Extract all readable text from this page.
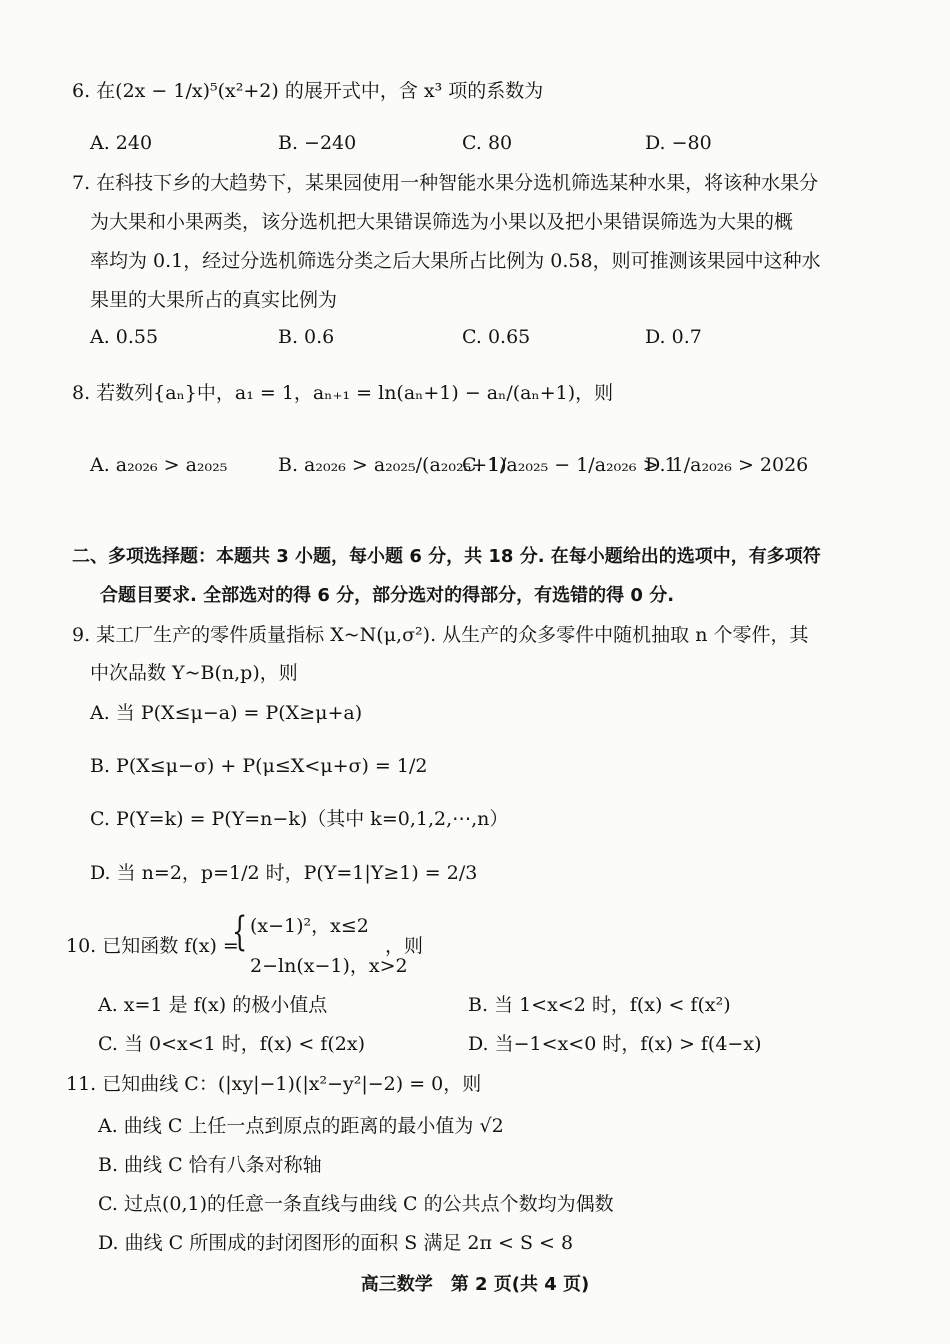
6. 在(2x − 1/x)⁵(x²+2) 的展开式中，含 x³ 项的系数为
A. 240	B. −240	C. 80	D. −80
7. 在科技下乡的大趋势下，某果园使用一种智能水果分选机筛选某种水果，将该种水果分
为大果和小果两类，该分选机把大果错误筛选为小果以及把小果错误筛选为大果的概
率均为 0.1，经过分选机筛选分类之后大果所占比例为 0.58，则可推测该果园中这种水
果里的大果所占的真实比例为
A. 0.55	B. 0.6	C. 0.65	D. 0.7
8. 若数列{aₙ}中，a₁ = 1，aₙ₊₁ = ln(aₙ+1) − aₙ/(aₙ+1)，则
A. a₂₀₂₆ > a₂₀₂₅	B. a₂₀₂₆ > a₂₀₂₅/(a₂₀₂₅+1)
C. 1/a₂₀₂₅ − 1/a₂₀₂₆ > 1
D. 1/a₂₀₂₆ > 2026
二、多项选择题：本题共 3 小题，每小题 6 分，共 18 分. 在每小题给出的选项中，有多项符
合题目要求. 全部选对的得 6 分，部分选对的得部分，有选错的得 0 分.
9. 某工厂生产的零件质量指标 X~N(μ,σ²). 从生产的众多零件中随机抽取 n 个零件，其
中次品数 Y~B(n,p)，则
A. 当 P(X≤μ−a) = P(X≥μ+a)
B. P(X≤μ−σ) + P(μ≤X<μ+σ) = 1/2
C. P(Y=k) = P(Y=n−k)（其中 k=0,1,2,⋯,n）
D. 当 n=2，p=1/2 时，P(Y=1|Y≥1) = 2/3
10. 已知函数 f(x) =
{ (x−1)²，x≤2
2−ln(x−1)，x>2
，则
A. x=1 是 f(x) 的极小值点	B. 当 1<x<2 时，f(x) < f(x²)
C. 当 0<x<1 时，f(x) < f(2x)	D. 当−1<x<0 时，f(x) > f(4−x)
11. 已知曲线 C：(|xy|−1)(|x²−y²|−2) = 0，则
A. 曲线 C 上任一点到原点的距离的最小值为 √2
B. 曲线 C 恰有八条对称轴
C. 过点(0,1)的任意一条直线与曲线 C 的公共点个数均为偶数
D. 曲线 C 所围成的封闭图形的面积 S 满足 2π < S < 8
高三数学　第 2 页(共 4 页)
